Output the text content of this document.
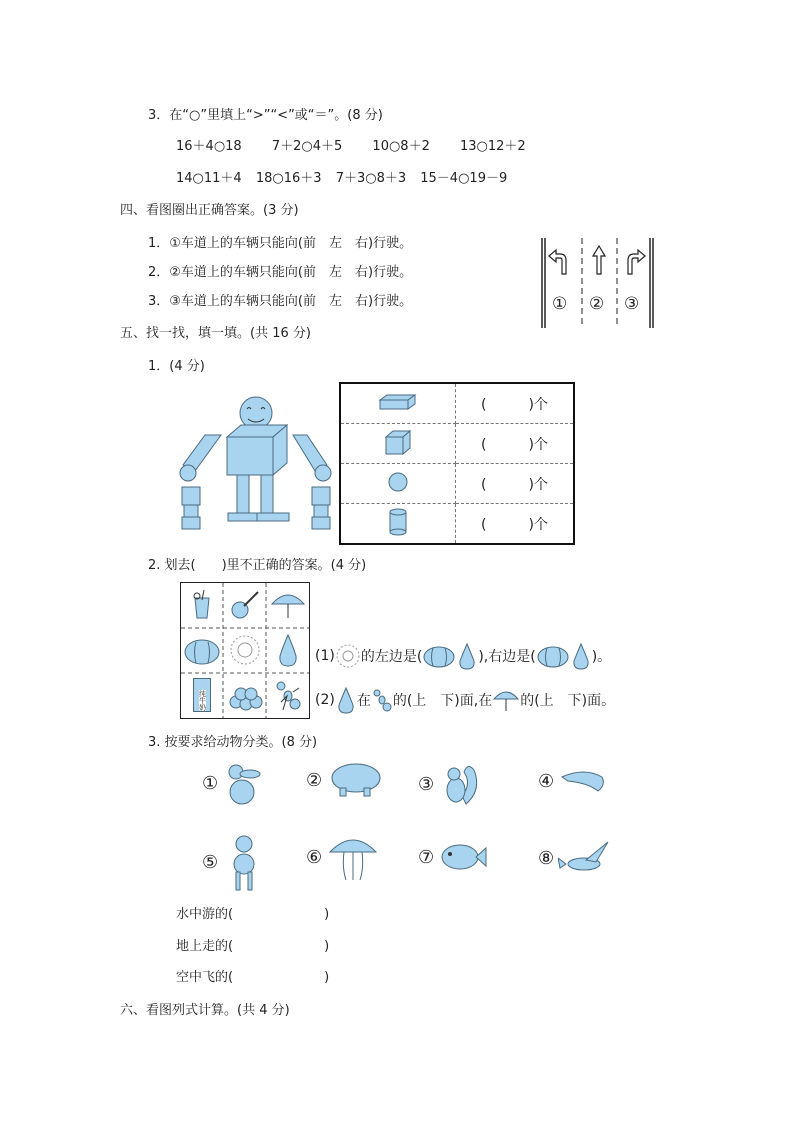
3．在“○”里填上“>”“<”或“＝”。(8 分)
16＋4○18 7＋2○4＋5 10○8＋2 13○12＋2
14○11＋4 18○16＋3 7＋3○8＋3 15－4○19－9
四、看图圈出正确答案。(3 分)
1．①车道上的车辆只能向(前　左　右)行驶。
2．②车道上的车辆只能向(前　左　右)行驶。
3．③车道上的车辆只能向(前　左　右)行驶。	① ② ③
五、找一找，填一填。(共 16 分)
1．(4 分)
	(　　　)个
	(　　　)个
	(　　　)个
	(　　　)个
2. 划去(　　)里不正确的答案。(4 分)
纯牛奶
(1) 的左边是(	),右边是(	)。
(2) 在 的(上　下)面,在 的(上　下)面。
3. 按要求给动物分类。(8 分)
①	②	③	④
⑤	⑥	⑦	⑧
水中游的(　　　　　　　)
地上走的(　　　　　　　)
空中飞的(　　　　　　　)
六、看图列式计算。(共 4 分)
